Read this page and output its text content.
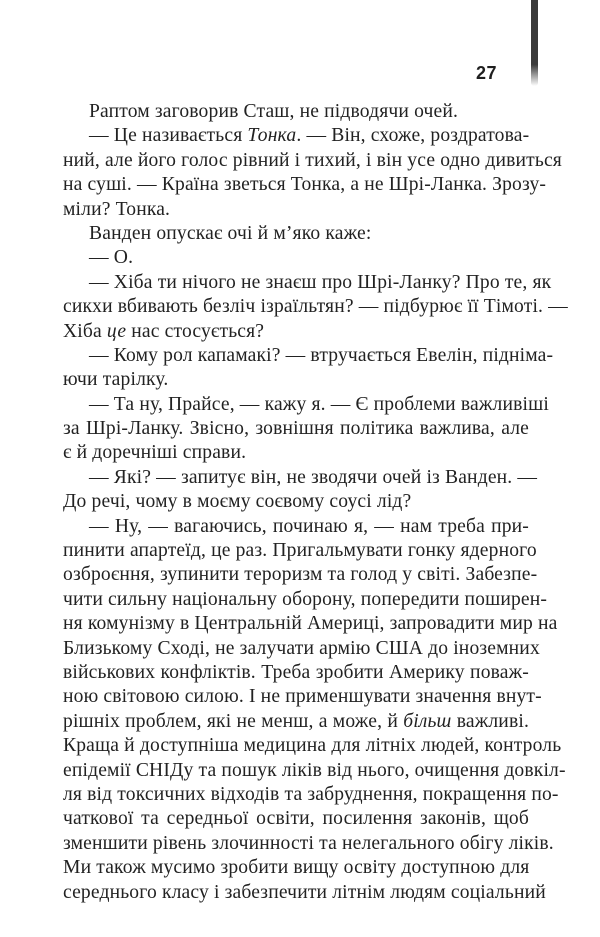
27
Раптом заговорив Сташ, не підводячи очей.
— Це називається Тонка. — Він, схоже, роздратова-
ний, але його голос рівний і тихий, і він усе одно дивиться
на суші. — Країна зветься Тонка, а не Шрі-Ланка. Зрозу-
міли? Тонка.
Ванден опускає очі й м’яко каже:
— О.
— Хіба ти нічого не знаєш про Шрі-Ланку? Про те, як
сикхи вбивають безліч ізраїльтян? — підбурює її Тімоті. —
Хіба це нас стосується?
— Кому рол капамакі? — втручається Евелін, підніма-
ючи тарілку.
— Та ну, Прайсе, — кажу я. — Є проблеми важливіші
за Шрі-Ланку. Звісно, зовнішня політика важлива, але
є й доречніші справи.
— Які? — запитує він, не зводячи очей із Ванден. —
До речі, чому в моєму соєвому соусі лід?
— Ну, — вагаючись, починаю я, — нам треба при-
пинити апартеїд, це раз. Пригальмувати гонку ядерного
озброєння, зупинити тероризм та голод у світі. Забезпе-
чити сильну національну оборону, попередити поширен-
ня комунізму в Центральній Америці, запровадити мир на
Близькому Сході, не залучати армію США до іноземних
військових конфліктів. Треба зробити Америку поваж-
ною світовою силою. І не применшувати значення внут-
рішніх проблем, які не менш, а може, й більш важливі.
Краща й доступніша медицина для літніх людей, контроль
епідемії СНІДу та пошук ліків від нього, очищення довкіл-
ля від токсичних відходів та забруднення, покращення по-
чаткової та середньої освіти, посилення законів, щоб
зменшити рівень злочинності та нелегального обігу ліків.
Ми також мусимо зробити вищу освіту доступною для
середнього класу і забезпечити літнім людям соціальний
